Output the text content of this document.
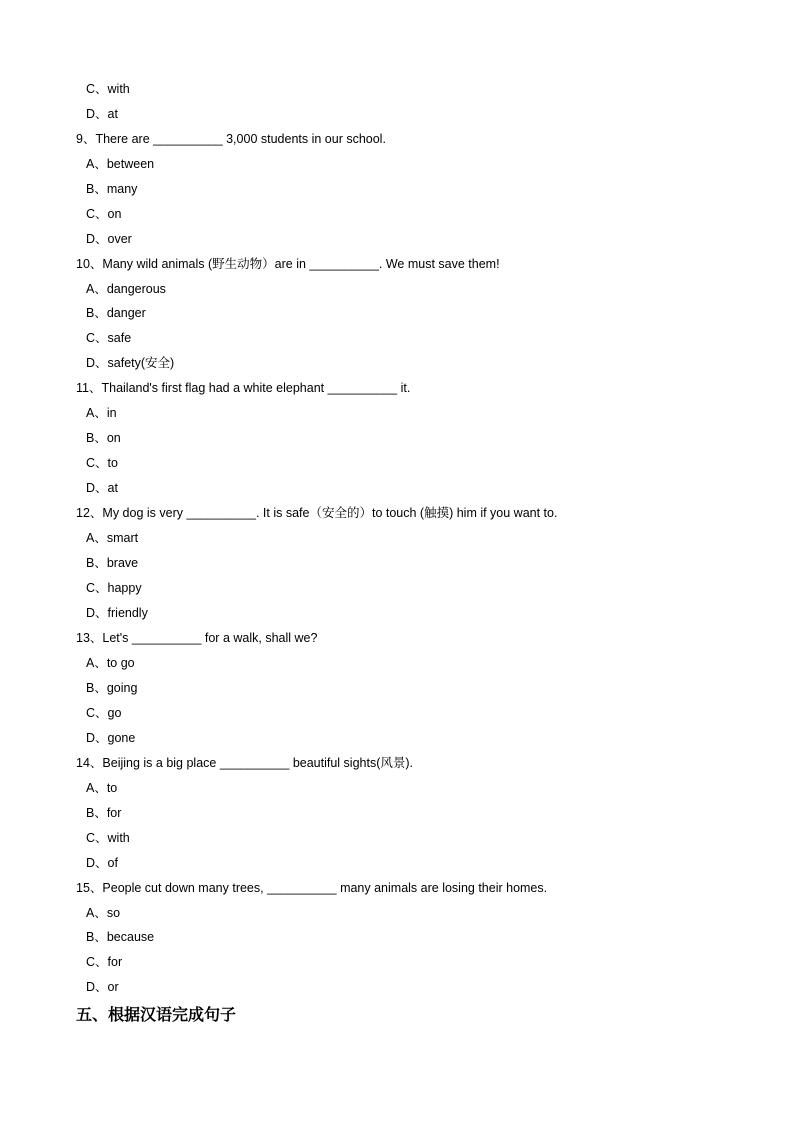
C、with
D、at
9、There are __________ 3,000 students in our school.
A、between
B、many
C、on
D、over
10、Many wild animals (野生动物）are in __________. We must save them!
A、dangerous
B、danger
C、safe
D、safety(安全)
11、Thailand's first flag had a white elephant __________ it.
A、in
B、on
C、to
D、at
12、My dog is very __________. It is safe（安全的）to touch (触摸) him if you want to.
A、smart
B、brave
C、happy
D、friendly
13、Let's __________ for a walk, shall we?
A、to go
B、going
C、go
D、gone
14、Beijing is a big place __________ beautiful sights(风景).
A、to
B、for
C、with
D、of
15、People cut down many trees, __________ many animals are losing their homes.
A、so
B、because
C、for
D、or
五、根据汉语完成句子
